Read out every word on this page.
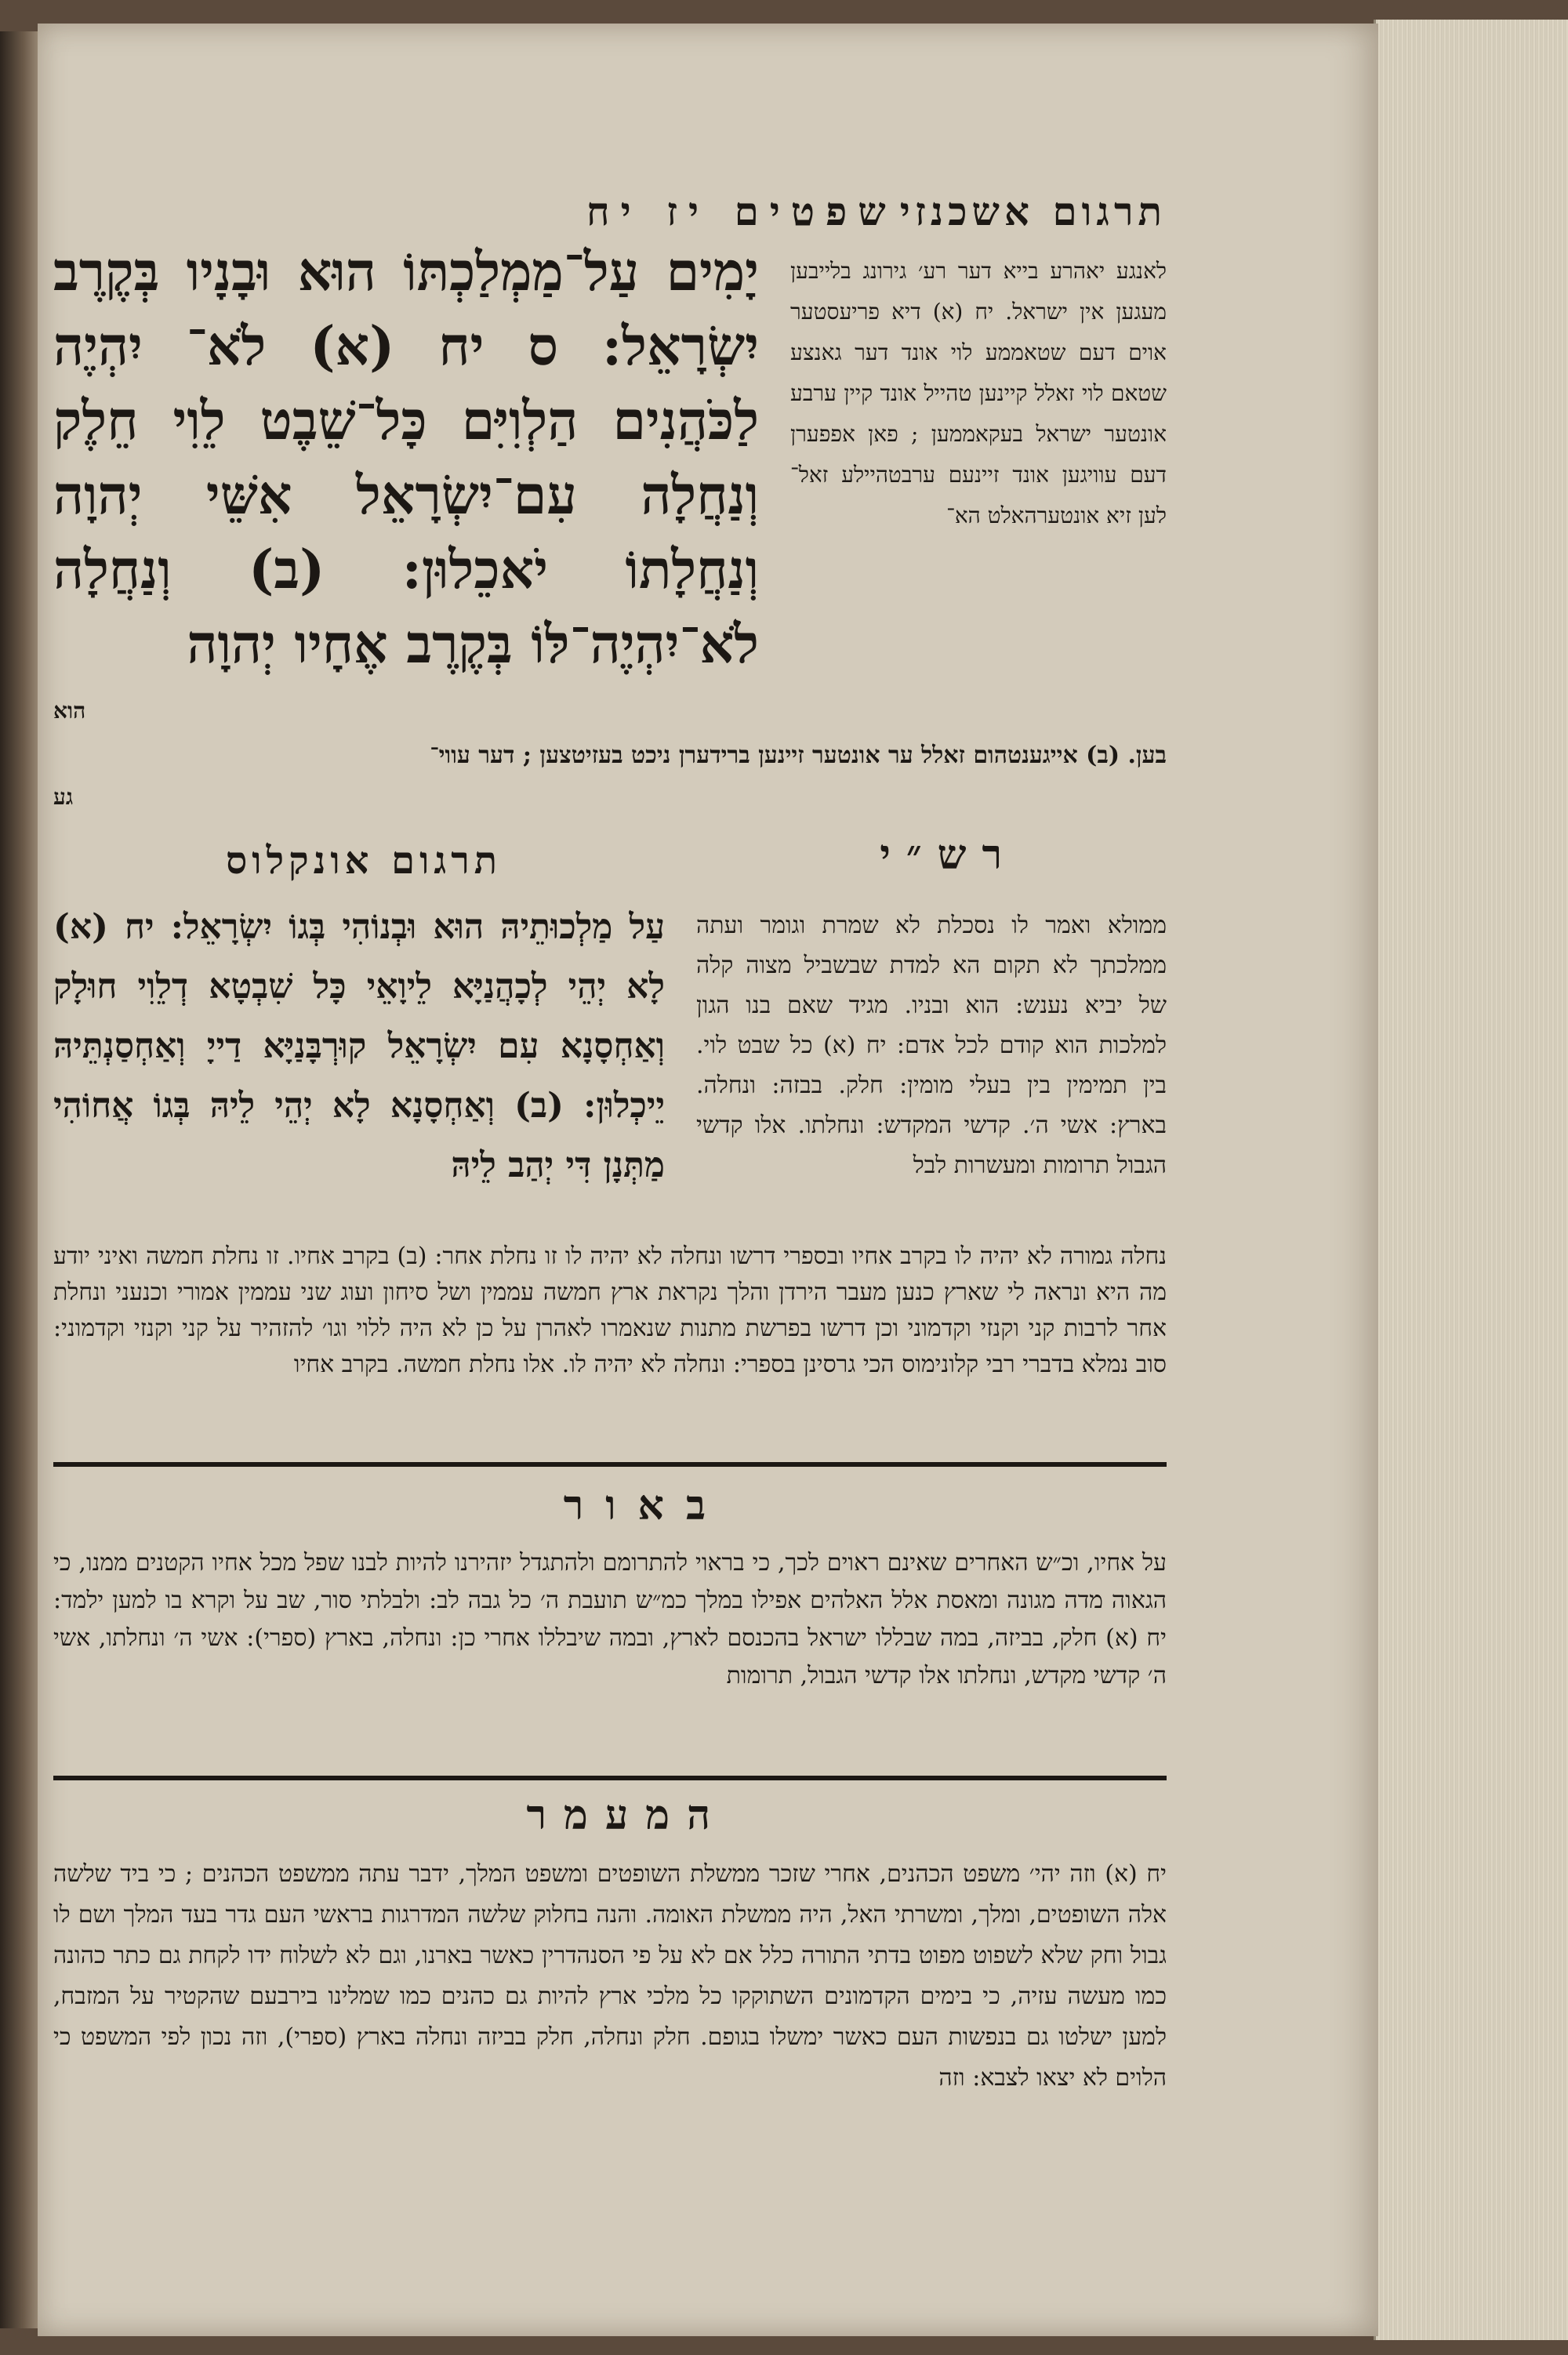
תרגום אשכנזי
שפטים יז יח
לאנגע יאהרע בייא דער רע׳ גירונג בלייבען מעגען אין ישראל. יח (א) דיא פריעסטער אוים דעם שטאממע לוי אונד דער גאנצע שטאם לוי זאלל קיינען טהייל אונד קיין ערבע אונטער ישראל בעקאממען ; פאן אפפערן דעם עוויגען אונד זיינעם ערבטהיילע זאל־ לען זיא אונטערהאלט הא־
יָמִים עַל־מַמְלַכְתּוֹ הוּא וּבָנָיו בְּקֶרֶב יִשְׂרָאֵל: ס יח (א) לֹא־ יִהְיֶה לַכֹּהֲנִים הַלְוִיִּם כָּל־שֵׁבֶט לֵוִי חֵלֶק וְנַחֲלָה עִם־יִשְׂרָאֵל אִשֵּׁי יְהוָה וְנַחֲלָתוֹ יֹאכֵלוּן: (ב) וְנַחֲלָה לֹא־יִהְיֶה־לּוֹ בְּקֶרֶב אֶחָיו יְהוָה
הוא
בען. (ב) אייגענטהום זאלל ער אונטער זיינען ברידערן ניכט בעזיטצען ; דער עווי־
גע
רש״י
תרגום אונקלוס
ממולא ואמר לו נסכלת לא שמרת וגומר ועתה ממלכתך לא תקום הא למדת שבשביל מצוה קלה של יביא נענש: הוא ובניו. מגיד שאם בנו הגון למלכות הוא קודם לכל אדם: יח (א) כל שבט לוי. בין תמימין בין בעלי מומין: חלק. בבזה: ונחלה. בארץ: אשי ה׳. קדשי המקדש: ונחלתו. אלו קדשי הגבול תרומות ומעשרות לבל
עַל מַלְכוּתֵיהּ הוּא וּבְנוֹהִי בְּגוֹ יִשְׂרָאֵל: יח (א) לָא יְהֵי לְכָהֲנַיָּא לֵיוָאֵי כָּל שִׁבְטָא דְלֵוִי חוּלָק וְאַחְסָנָא עִם יִשְׂרָאֵל קוּרְבָּנַיָּא דַייָ וְאַחְסַנְתֵּיהּ יֵיכְלוּן: (ב) וְאַחְסָנָא לָא יְהֵי לֵיהּ בְּגוֹ אֲחוֹהִי מַתְּנָן דִּי יְהַב לֵיהּ
נחלה גמורה לא יהיה לו בקרב אחיו ובספרי דרשו ונחלה לא יהיה לו זו נחלת אחר: (ב) בקרב אחיו. זו נחלת חמשה ואיני יודע מה היא ונראה לי שארץ כנען מעבר הירדן והלך נקראת ארץ חמשה עממין ושל סיחון ועוג שני עממין אמורי וכנעני ונחלת אחר לרבות קני וקנזי וקדמוני וכן דרשו בפרשת מתנות שנאמרו לאהרן על כן לא היה ללוי וגו׳ להזהיר על קני וקנזי וקדמוני: סוב נמלא בדברי רבי קלונימוס הכי גרסינן בספרי: ונחלה לא יהיה לו. אלו נחלת חמשה. בקרב אחיו
באור
על אחיו, וכ״ש האחרים שאינם ראוים לכך, כי בראוי להתרומם ולהתגדל יזהירנו להיות לבנו שפל מכל אחיו הקטנים ממנו, כי הגאוה מדה מגונה ומאסת אלל האלהים אפילו במלך כמ״ש תועבת ה׳ כל גבה לב: ולבלתי סור, שב על וקרא בו למען ילמד: יח (א) חלק, בביזה, במה שבללו ישראל בהכנסם לארץ, ובמה שיבללו אחרי כן: ונחלה, בארץ (ספרי): אשי ה׳ ונחלתו, אשי ה׳ קדשי מקדש, ונחלתו אלו קדשי הגבול, תרומות
המעמר
יח (א) וזה יהי׳ משפט הכהנים, אחרי שזכר ממשלת השופטים ומשפט המלך, ידבר עתה ממשפט הכהנים ; כי ביד שלשה אלה השופטים, ומלך, ומשרתי האל, היה ממשלת האומה. והנה בחלוק שלשה המדרגות בראשי העם גדר בעד המלך ושם לו גבול וחק שלא לשפוט מפוט בדתי התורה כלל אם לא על פי הסנהדרין כאשר בארנו, וגם לא לשלוח ידו לקחת גם כתר כהונה כמו מעשה עזיה, כי בימים הקדמונים השתוקקו כל מלכי ארץ להיות גם כהנים כמו שמלינו בירבעם שהקטיר על המזבח, למען ישלטו גם בנפשות העם כאשר ימשלו בגופם. חלק ונחלה, חלק בביזה ונחלה בארץ (ספרי), וזה נכון לפי המשפט כי הלוים לא יצאו לצבא: וזה
